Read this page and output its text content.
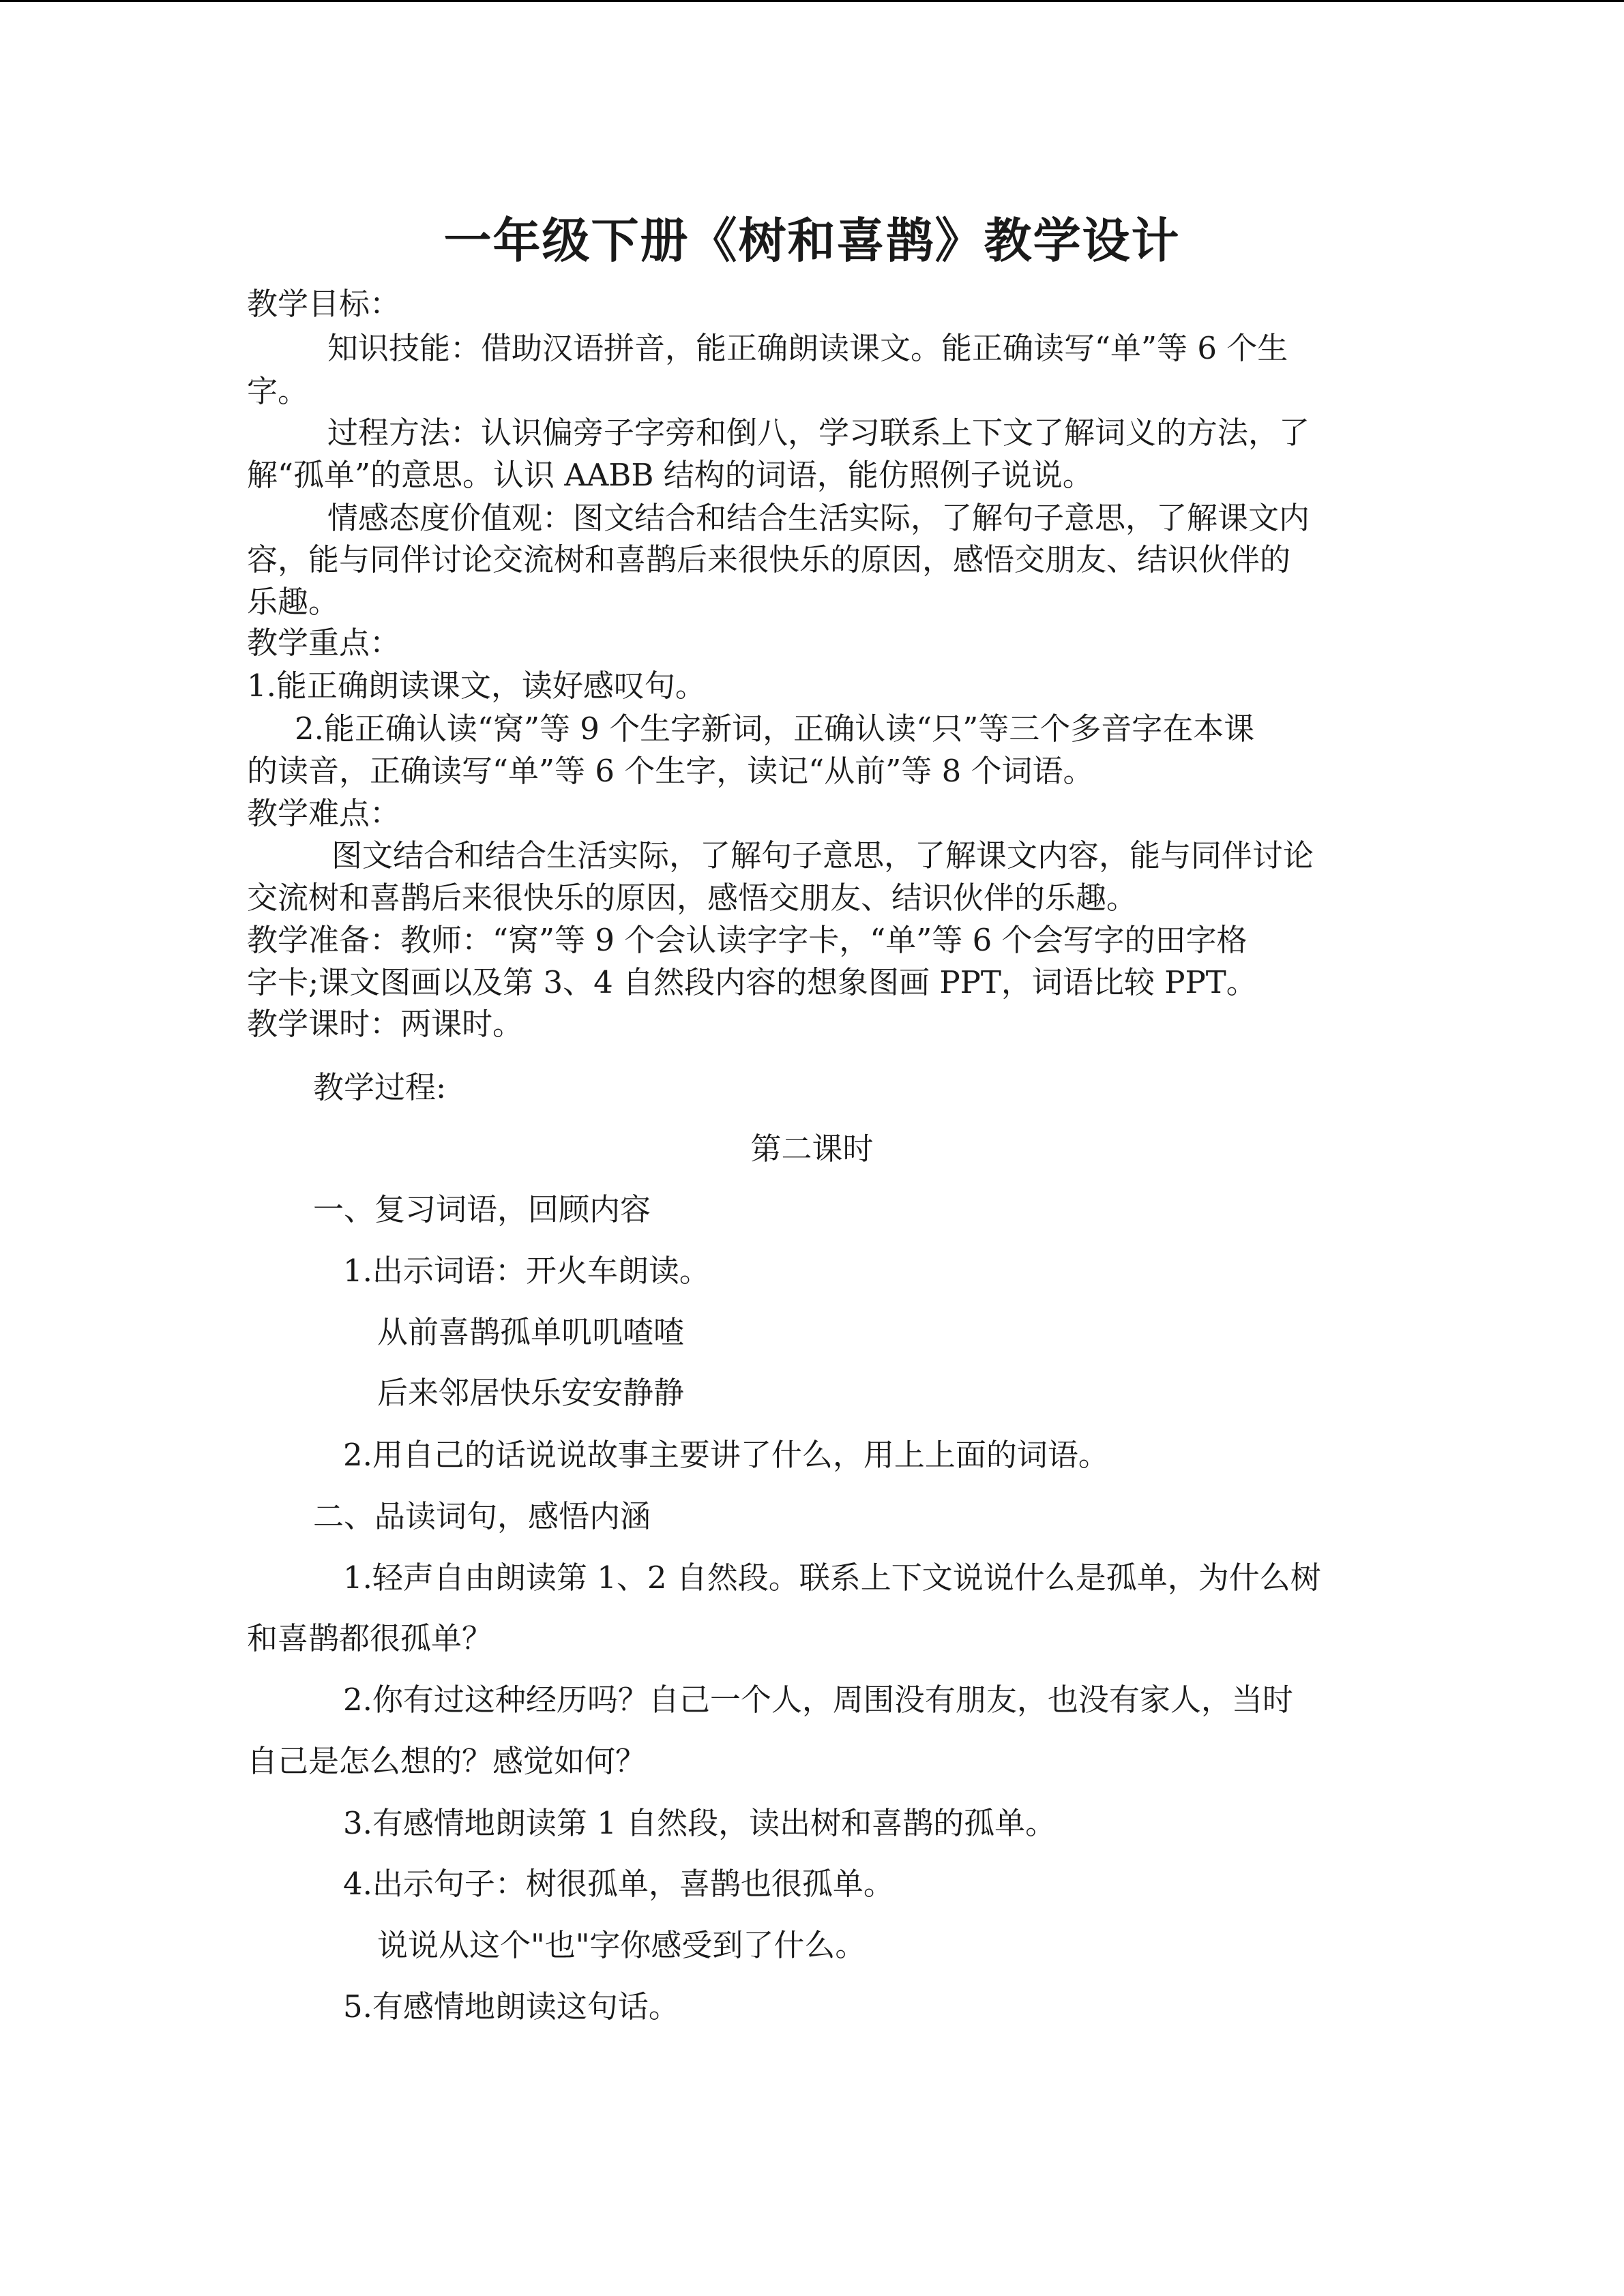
一年级下册《树和喜鹊》教学设计
教学目标：
知识技能：借助汉语拼音，能正确朗读课文。能正确读写“单”等 6 个生
字。
过程方法：认识偏旁子字旁和倒八，学习联系上下文了解词义的方法，了
解“孤单”的意思。认识 AABB 结构的词语，能仿照例子说说。
情感态度价值观：图文结合和结合生活实际，了解句子意思，了解课文内
容，能与同伴讨论交流树和喜鹊后来很快乐的原因，感悟交朋友、结识伙伴的
乐趣。
教学重点：
1.能正确朗读课文，读好感叹句。
2.能正确认读“窝”等 9 个生字新词，正确认读“只”等三个多音字在本课
的读音，正确读写“单”等 6 个生字，读记“从前”等 8 个词语。
教学难点：
图文结合和结合生活实际，了解句子意思，了解课文内容，能与同伴讨论
交流树和喜鹊后来很快乐的原因，感悟交朋友、结识伙伴的乐趣。
教学准备：教师：“窝”等 9 个会认读字字卡，“单”等 6 个会写字的田字格
字卡;课文图画以及第 3、4 自然段内容的想象图画 PPT，词语比较 PPT。
教学课时：两课时。
教学过程:
第二课时
一、复习词语，回顾内容
1.出示词语：开火车朗读。
从前喜鹊孤单叽叽喳喳
后来邻居快乐安安静静
2.用自己的话说说故事主要讲了什么，用上上面的词语。
二、品读词句，感悟内涵
1.轻声自由朗读第 1、2 自然段。联系上下文说说什么是孤单，为什么树
和喜鹊都很孤单？
2.你有过这种经历吗？自己一个人，周围没有朋友，也没有家人，当时
自己是怎么想的？感觉如何？
3.有感情地朗读第 1 自然段，读出树和喜鹊的孤单。
4.出示句子：树很孤单，喜鹊也很孤单。
说说从这个"也"字你感受到了什么。
5.有感情地朗读这句话。
